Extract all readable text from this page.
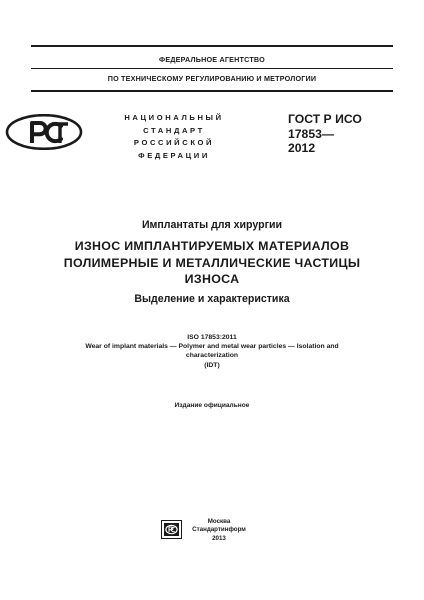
ФЕДЕРАЛЬНОЕ АГЕНТСТВО
ПО ТЕХНИЧЕСКОМУ РЕГУЛИРОВАНИЮ И МЕТРОЛОГИИ
НАЦИОНАЛЬНЫЙ
СТАНДАРТ
РОССИЙСКОЙ
ФЕДЕРАЦИИ
ГОСТ Р ИСО
17853—
2012
Имплантаты для хирургии
ИЗНОС ИМПЛАНТИРУЕМЫХ МАТЕРИАЛОВ
ПОЛИМЕРНЫЕ И МЕТАЛЛИЧЕСКИЕ ЧАСТИЦЫ
ИЗНОСА
Выделение и характеристика
ISO 17853:2011
Wear of implant materials — Polymer and metal wear particles — Isolation and
characterization
(IDT)
Издание официальное
Москва
Стандартинформ
2013
